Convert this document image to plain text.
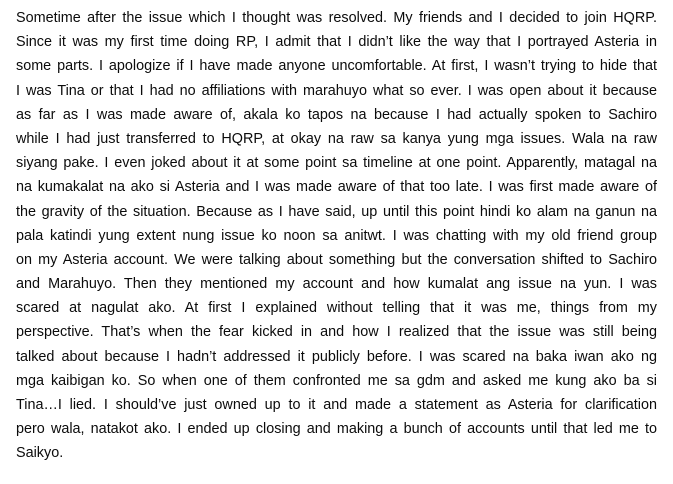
Sometime after the issue which I thought was resolved. My friends and I decided to join HQRP.
Since it was my first time doing RP, I admit that I didn’t like the way that I portrayed Asteria in
some parts. I apologize if I have made anyone uncomfortable. At first, I wasn’t trying to hide that
I was Tina or that I had no affiliations with marahuyo what so ever. I was open about it because
as far as I was made aware of, akala ko tapos na because I had actually spoken to Sachiro
while I had just transferred to HQRP, at okay na raw sa kanya yung mga issues. Wala na raw
siyang pake. I even joked about it at some point sa timeline at one point. Apparently, matagal na
na kumakalat na ako si Asteria and I was made aware of that too late. I was first made aware of
the gravity of the situation. Because as I have said, up until this point hindi ko alam na ganun na
pala katindi yung extent nung issue ko noon sa anitwt. I was chatting with my old friend group
on my Asteria account. We were talking about something but the conversation shifted to Sachiro
and Marahuyo. Then they mentioned my account and how kumalat ang issue na yun. I was
scared at nagulat ako. At first I explained without telling that it was me, things from my
perspective. That’s when the fear kicked in and how I realized that the issue was still being
talked about because I hadn’t addressed it publicly before. I was scared na baka iwan ako ng
mga kaibigan ko. So when one of them confronted me sa gdm and asked me kung ako ba si
Tina…I lied. I should’ve just owned up to it and made a statement as Asteria for clarification
pero wala, natakot ako. I ended up closing and making a bunch of accounts until that led me to
Saikyo.
